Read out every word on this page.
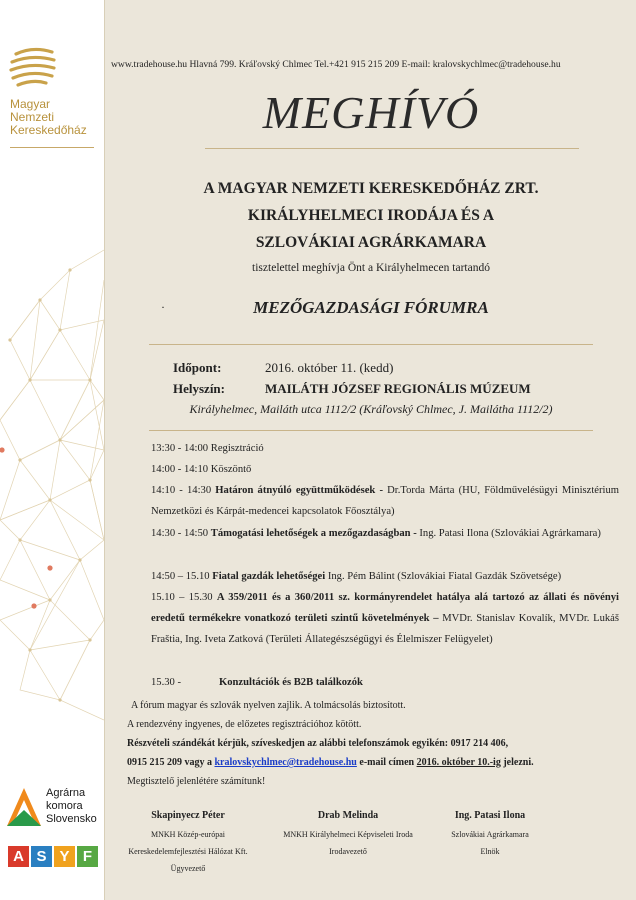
Magyar
Nemzeti
Kereskedőház
Agrárna
komora
Slovensko
A S Y F
www.tradehouse.hu Hlavná 799. Kráľovský Chlmec Tel.+421 915 215 209 E-mail: kralovskychlmec@tradehouse.hu
MEGHÍVÓ
A MAGYAR NEMZETI KERESKEDŐHÁZ ZRT.
KIRÁLYHELMECI IRODÁJA ÉS A
SZLOVÁKIAI AGRÁRKAMARA
tisztelettel meghívja Önt a Királyhelmecen tartandó
·	MEZŐGAZDASÁGI FÓRUMRA
Időpont:	2016. október 11. (kedd)
Helyszín:	MAILÁTH JÓZSEF REGIONÁLIS MÚZEUM
Királyhelmec, Mailáth utca 1112/2 (Kráľovský Chlmec, J. Mailátha 1112/2)
13:30 - 14:00 Regisztráció
14:00 - 14:10 Köszöntő
14:10 - 14:30 Határon átnyúló együttműködések - Dr.Torda Márta (HU, Földművelésügyi Minisztérium Nemzetközi és Kárpát-medencei kapcsolatok Főosztálya)
14:30 - 14:50 Támogatási lehetőségek a mezőgazdaságban - Ing. Patasi Ilona (Szlovákiai Agrárkamara)
14:50 – 15.10 Fiatal gazdák lehetőségei Ing. Pém Bálint (Szlovákiai Fiatal Gazdák Szövetsége)
15.10 – 15.30 A 359/2011 és a 360/2011 sz. kormányrendelet hatálya alá tartozó az állati és növényi eredetű termékekre vonatkozó területi szintű követelmények – MVDr. Stanislav Kovalík, MVDr. Lukáš Fraštia, Ing. Iveta Zatková (Területi Állategészségügyi és Élelmiszer Felügyelet)
15.30 -	Konzultációk és B2B találkozók
A fórum magyar és szlovák nyelven zajlik. A tolmácsolás biztosított.
A rendezvény ingyenes, de előzetes regisztrációhoz kötött.
Részvételi szándékát kérjük, szíveskedjen az alábbi telefonszámok egyikén: 0917 214 406,
0915 215 209 vagy a kralovskychlmec@tradehouse.hu e-mail címen 2016. október 10.-ig jelezni.
Megtisztelő jelenlétére számítunk!
Skapinyecz Péter
MNKH Közép-európai
Kereskedelemfejlesztési Hálózat Kft.
Ügyvezető
Drab Melinda
MNKH Királyhelmeci Képviseleti Iroda
Irodavezető
Ing. Patasi Ilona
Szlovákiai Agrárkamara
Elnök
